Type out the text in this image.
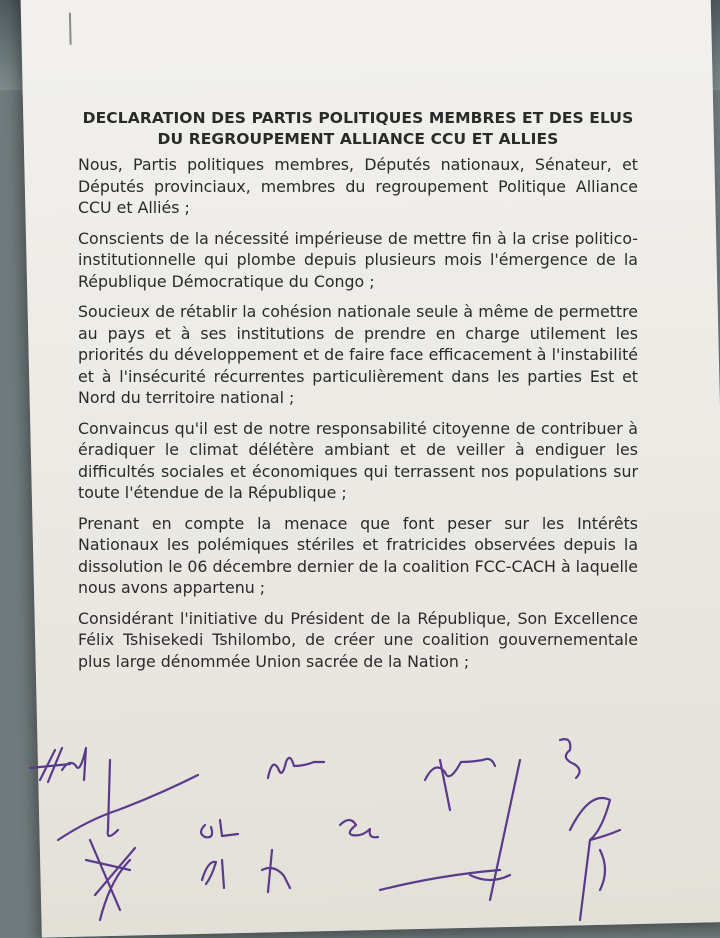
DECLARATION DES PARTIS POLITIQUES MEMBRES ET DES ELUS
DU REGROUPEMENT ALLIANCE CCU ET ALLIES

Nous, Partis politiques membres, Députés nationaux, Sénateur, et Députés provinciaux, membres du regroupement Politique Alliance CCU et Alliés ;

Conscients de la nécessité impérieuse de mettre fin à la crise politico-institutionnelle qui plombe depuis plusieurs mois l'émergence de la République Démocratique du Congo ;

Soucieux de rétablir la cohésion nationale seule à même de permettre au pays et à ses institutions de prendre en charge utilement les priorités du développement et de faire face efficacement à l'instabilité et à l'insécurité récurrentes particulièrement dans les parties Est et Nord du territoire national ;

Convaincus qu'il est de notre responsabilité citoyenne de contribuer à éradiquer le climat délétère ambiant et de veiller à endiguer les difficultés sociales et économiques qui terrassent nos populations sur toute l'étendue de la République ;

Prenant en compte la menace que font peser sur les Intérêts Nationaux les polémiques stériles et fratricides observées depuis la dissolution le 06 décembre dernier de la coalition FCC-CACH à laquelle nous avons appartenu ;

Considérant l'initiative du Président de la République, Son Excellence Félix Tshisekedi Tshilombo, de créer une coalition gouvernementale plus large dénommée Union sacrée de la Nation ;
